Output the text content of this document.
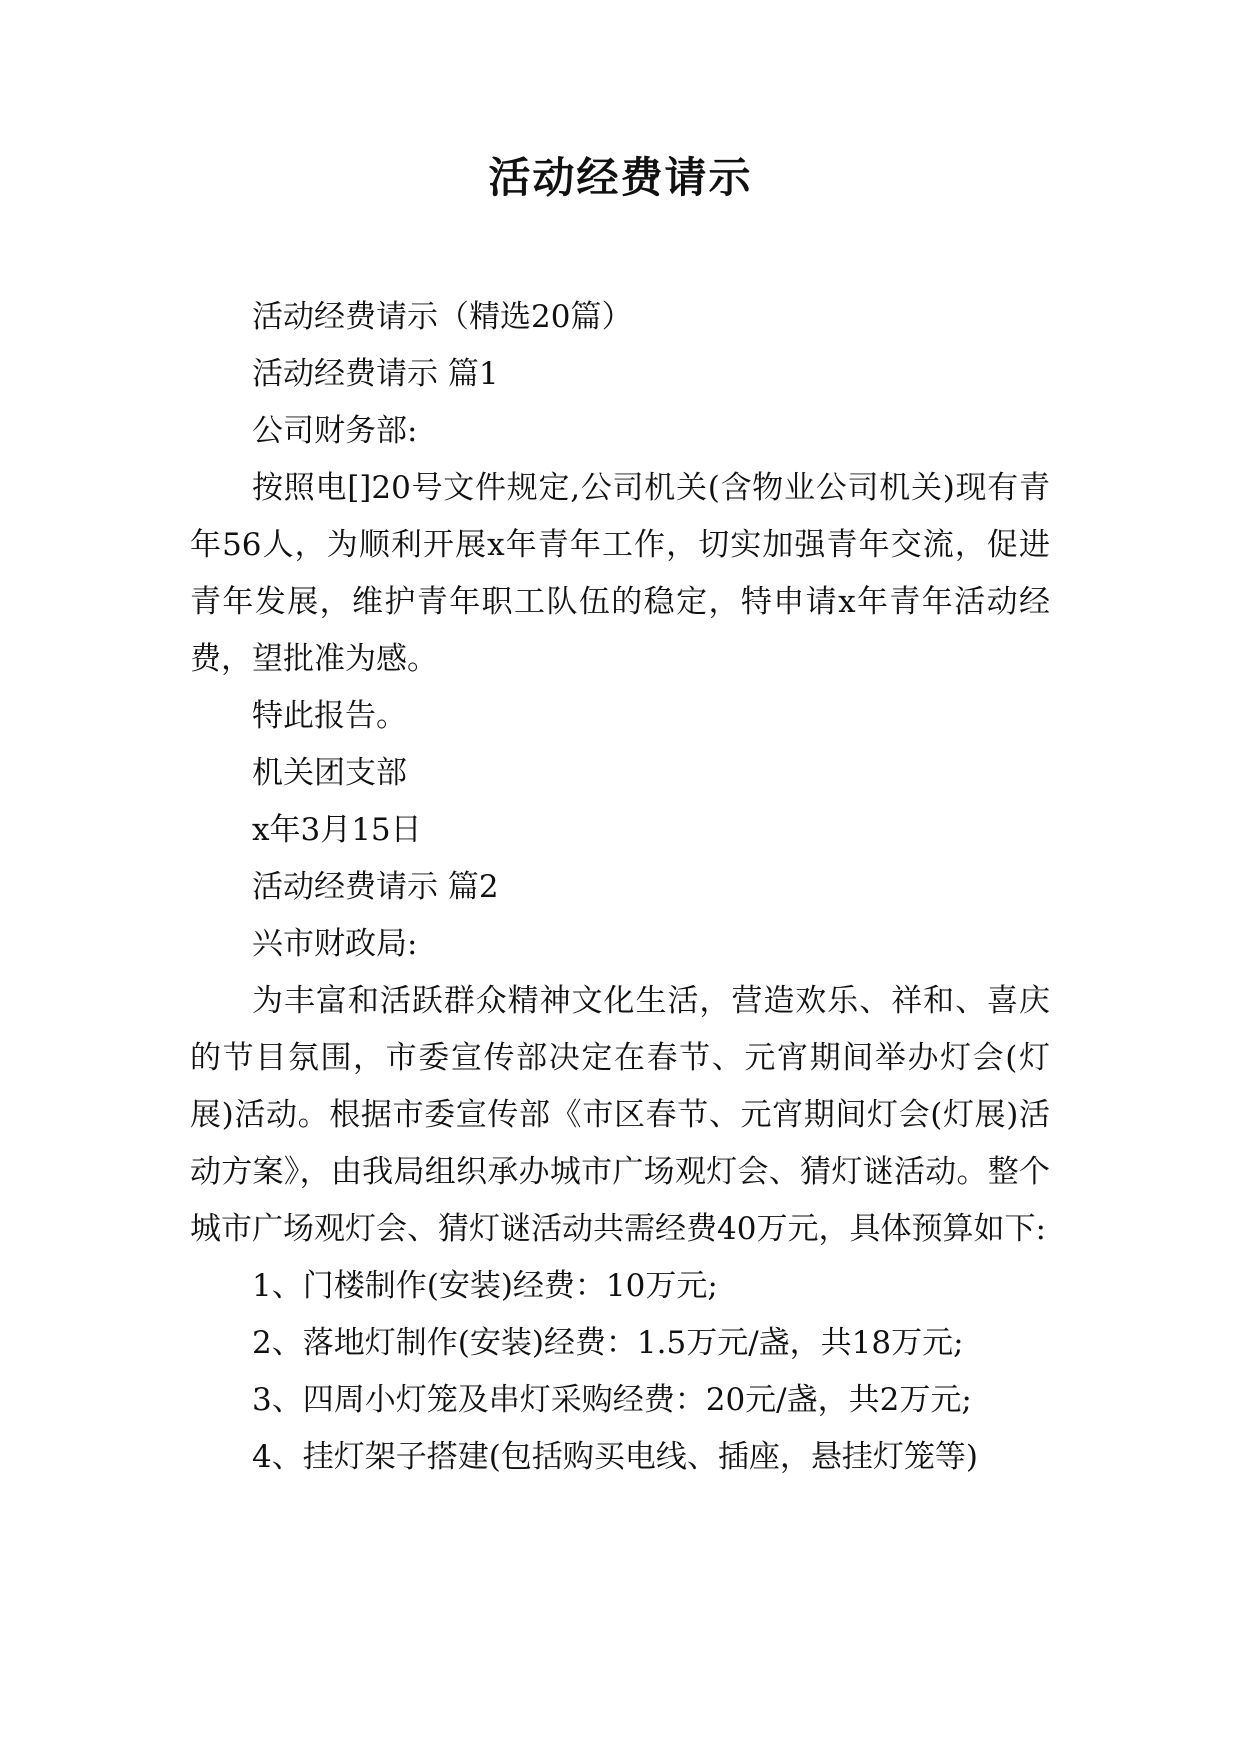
活动经费请示

活动经费请示（精选20篇）

活动经费请示 篇1

公司财务部:

按照电[]20号文件规定,公司机关(含物业公司机关)现有青年56人，为顺利开展x年青年工作，切实加强青年交流，促进青年发展，维护青年职工队伍的稳定，特申请x年青年活动经费，望批准为感。

特此报告。

机关团支部

x年3月15日

活动经费请示 篇2

兴市财政局:

为丰富和活跃群众精神文化生活，营造欢乐、祥和、喜庆的节目氛围，市委宣传部决定在春节、元宵期间举办灯会(灯展)活动。根据市委宣传部《市区春节、元宵期间灯会(灯展)活动方案》，由我局组织承办城市广场观灯会、猜灯谜活动。整个城市广场观灯会、猜灯谜活动共需经费40万元，具体预算如下:

1、门楼制作(安装)经费：10万元;

2、落地灯制作(安装)经费：1.5万元/盏，共18万元;

3、四周小灯笼及串灯采购经费：20元/盏，共2万元;

4、挂灯架子搭建(包括购买电线、插座，悬挂灯笼等)
